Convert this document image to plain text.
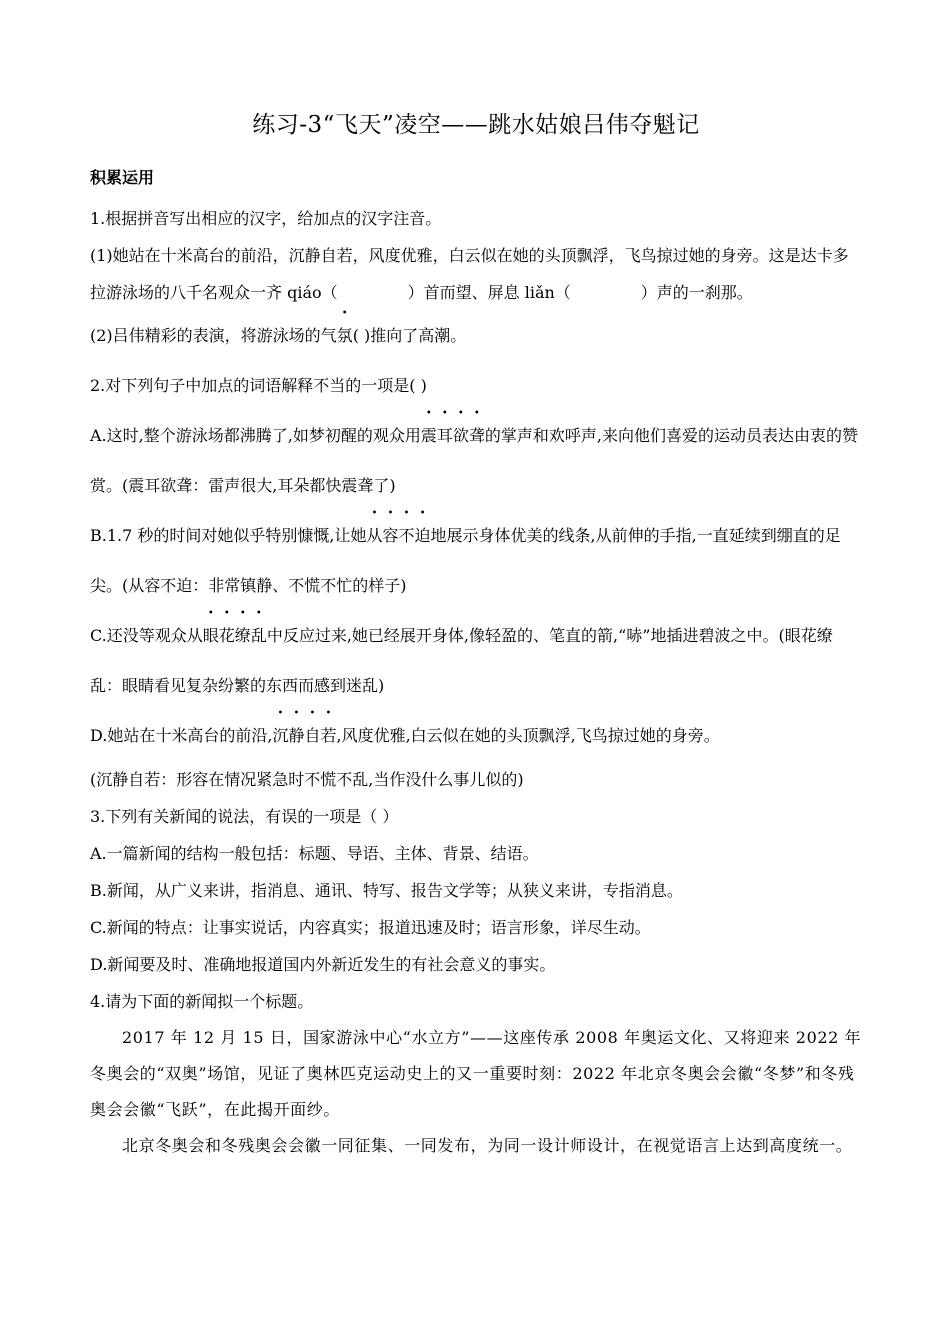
练习-3“飞天”凌空——跳水姑娘吕伟夺魁记
积累运用

1.根据拼音写出相应的汉字，给加点的汉字注音。

(1)她站在十米高台的前沿，沉静自若，风度优雅，白云似在她的头顶飘浮，飞鸟掠过她的身旁。这是达卡多拉游泳场的八千名观众一齐 qiáo（	）首而望、屏息 liǎn（	）声的一刹那。

(2)吕伟精彩的表演，将游泳场的气氛( )推向了高潮。

2.对下列句子中加点的词语解释不当的一项是( )

A.这时,整个游泳场都沸腾了,如梦初醒的观众用震耳欲聋的掌声和欢呼声,来向他们喜爱的运动员表达由衷的赞赏。(震耳欲聋：雷声很大,耳朵都快震聋了)

B.1.7 秒的时间对她似乎特别慷慨,让她从容不迫地展示身体优美的线条,从前伸的手指,一直延续到绷直的足尖。(从容不迫：非常镇静、不慌不忙的样子)

C.还没等观众从眼花缭乱中反应过来,她已经展开身体,像轻盈的、笔直的箭,“哧”地插进碧波之中。(眼花缭乱：眼睛看见复杂纷繁的东西而感到迷乱)

D.她站在十米高台的前沿,沉静自若,风度优雅,白云似在她的头顶飘浮,飞鸟掠过她的身旁。

(沉静自若：形容在情况紧急时不慌不乱,当作没什么事儿似的)

3.下列有关新闻的说法，有误的一项是（ ）

A.一篇新闻的结构一般包括：标题、导语、主体、背景、结语。

B.新闻，从广义来讲，指消息、通讯、特写、报告文学等；从狭义来讲，专指消息。

C.新闻的特点：让事实说话，内容真实；报道迅速及时；语言形象，详尽生动。

D.新闻要及时、准确地报道国内外新近发生的有社会意义的事实。

4.请为下面的新闻拟一个标题。

2017 年 12 月 15 日，国家游泳中心“水立方”——这座传承 2008 年奥运文化、又将迎来 2022 年冬奥会的“双奥”场馆，见证了奥林匹克运动史上的又一重要时刻：2022 年北京冬奥会会徽“冬梦”和冬残奥会会徽“飞跃”，在此揭开面纱。

北京冬奥会和冬残奥会会徽一同征集、一同发布，为同一设计师设计，在视觉语言上达到高度统一。
